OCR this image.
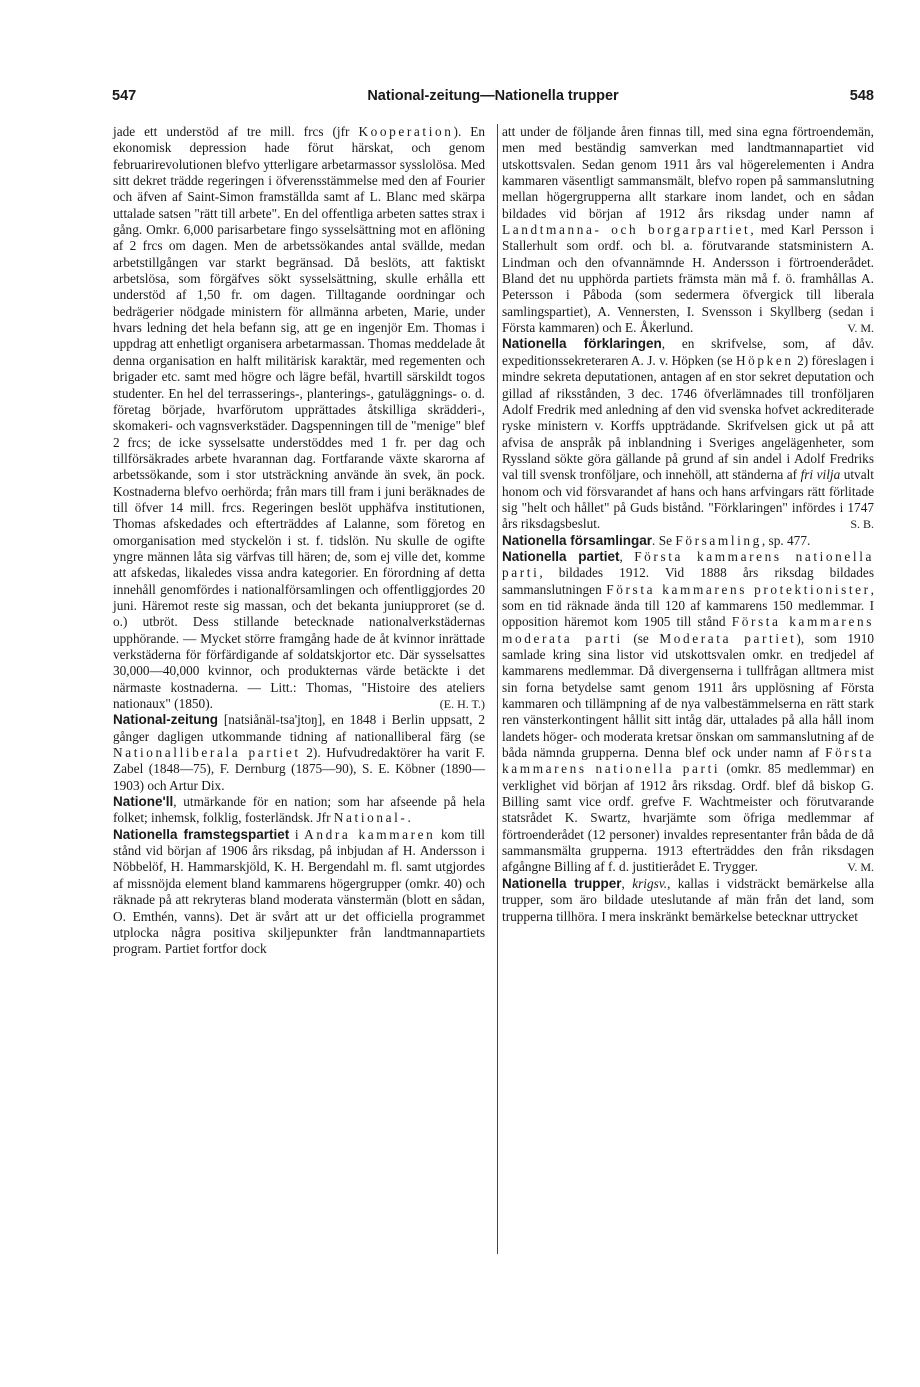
547	National-zeitung—Nationella trupper	548

jade ett understöd af tre mill. frcs (jfr Kooperation). En ekonomisk depression hade förut härskat, och genom februarirevolutionen blefvo ytterligare arbetarmassor sysslolösa. Med sitt dekret trädde regeringen i öfverensstämmelse med den af Fourier och äfven af Saint-Simon framställda samt af L. Blanc med skärpa uttalade satsen "rätt till arbete". En del offentliga arbeten sattes strax i gång. Omkr. 6,000 parisarbetare fingo sysselsättning mot en aflöning af 2 frcs om dagen. Men de arbetssökandes antal svällde, medan arbetstillgången var starkt begränsad. Då beslöts, att faktiskt arbetslösa, som förgäfves sökt sysselsättning, skulle erhålla ett understöd af 1,50 fr. om dagen. Tilltagande oordningar och bedrägerier nödgade ministern för allmänna arbeten, Marie, under hvars ledning det hela befann sig, att ge en ingenjör Em. Thomas i uppdrag att enhetligt organisera arbetarmassan. Thomas meddelade åt denna organisation en halft militärisk karaktär, med regementen och brigader etc. samt med högre och lägre befäl, hvartill särskildt togos studenter. En hel del terrasserings-, planterings-, gatuläggnings- o. d. företag började, hvarförutom upprättades åtskilliga skrädderi-, skomakeri- och vagnsverkstäder. Dagspenningen till de "menige" blef 2 frcs; de icke sysselsatte understöddes med 1 fr. per dag och tillförsäkrades arbete hvarannan dag. Fortfarande växte skarorna af arbetssökande, som i stor utsträckning använde än svek, än pock. Kostnaderna blefvo oerhörda; från mars till fram i juni beräknades de till öfver 14 mill. frcs. Regeringen beslöt upphäfva institutionen, Thomas afskedades och efterträddes af Lalanne, som företog en omorganisation med styckelön i st. f. tidslön. Nu skulle de ogifte yngre männen låta sig värfvas till hären; de, som ej ville det, komme att afskedas, likaledes vissa andra kategorier. En förordning af detta innehåll genomfördes i nationalförsamlingen och offentliggjordes 20 juni. Häremot reste sig massan, och det bekanta juniupproret (se d. o.) utbröt. Dess stillande betecknade nationalverkstädernas upphörande. — Mycket större framgång hade de åt kvinnor inrättade verkstäderna för förfärdigande af soldatskjortor etc. Där sysselsattes 30,000—40,000 kvinnor, och produkternas värde betäckte i det närmaste kostnaderna. — Litt.: Thomas, "Histoire des ateliers nationaux" (1850).	(E. H. T.)

National-zeitung [natsiånäl-tsa'jtoŋ], en 1848 i Berlin uppsatt, 2 gånger dagligen utkommande tidning af nationalliberal färg (se Nationalliberala partiet 2). Hufvudredaktörer ha varit F. Zabel (1848—75), F. Dernburg (1875—90), S. E. Köbner (1890—1903) och Artur Dix.

Natione'll, utmärkande för en nation; som har afseende på hela folket; inhemsk, folklig, fosterländsk. Jfr National-.

Nationella framstegspartiet i Andra kammaren kom till stånd vid början af 1906 års riksdag, på inbjudan af H. Andersson i Nöbbelöf, H. Hammarskjöld, K. H. Bergendahl m. fl. samt utgjordes af missnöjda element bland kammarens högergrupper (omkr. 40) och räknade på att rekryteras bland moderata vänstermän (blott en sådan, O. Emthén, vanns). Det är svårt att ur det officiella programmet utplocka några positiva skiljepunkter från landtmannapartiets program. Partiet fortfor dock

att under de följande åren finnas till, med sina egna förtroendemän, men med beständig samverkan med landtmannapartiet vid utskottsvalen. Sedan genom 1911 års val högerelementen i Andra kammaren väsentligt sammansmält, blefvo ropen på sammanslutning mellan högergrupperna allt starkare inom landet, och en sådan bildades vid början af 1912 års riksdag under namn af Landtmanna- och borgarpartiet, med Karl Persson i Stallerhult som ordf. och bl. a. förutvarande statsministern A. Lindman och den ofvannämnde H. Andersson i förtroenderådet. Bland det nu upphörda partiets främsta män må f. ö. framhållas A. Petersson i Påboda (som sedermera öfvergick till liberala samlingspartiet), A. Vennersten, I. Svensson i Skyllberg (sedan i Första kammaren) och E. Åkerlund.	V. M.

Nationella förklaringen, en skrifvelse, som, af dåv. expeditionssekreteraren A. J. v. Höpken (se Höpken 2) föreslagen i mindre sekreta deputationen, antagen af en stor sekret deputation och gillad af riksstånden, 3 dec. 1746 öfverlämnades till tronföljaren Adolf Fredrik med anledning af den vid svenska hofvet ackrediterade ryske ministern v. Korffs uppträdande. Skrifvelsen gick ut på att afvisa de anspråk på inblandning i Sveriges angelägenheter, som Ryssland sökte göra gällande på grund af sin andel i Adolf Fredriks val till svensk tronföljare, och innehöll, att ständerna af fri vilja utvalt honom och vid försvarandet af hans och hans arfvingars rätt förlitade sig "helt och hållet" på Guds bistånd. "Förklaringen" infördes i 1747 års riksdagsbeslut.	S. B.

Nationella församlingar. Se Församling, sp. 477.

Nationella partiet, Första kammarens nationella parti, bildades 1912. Vid 1888 års riksdag bildades sammanslutningen Första kammarens protektionister, som en tid räknade ända till 120 af kammarens 150 medlemmar. I opposition häremot kom 1905 till stånd Första kammarens moderata parti (se Moderata partiet), som 1910 samlade kring sina listor vid utskottsvalen omkr. en tredjedel af kammarens medlemmar. Då divergenserna i tullfrågan alltmera mist sin forna betydelse samt genom 1911 års upplösning af Första kammaren och tillämpning af de nya valbestämmelserna en rätt stark ren vänsterkontingent hållit sitt intåg där, uttalades på alla håll inom landets höger- och moderata kretsar önskan om sammanslutning af de båda nämnda grupperna. Denna blef ock under namn af Första kammarens nationella parti (omkr. 85 medlemmar) en verklighet vid början af 1912 års riksdag. Ordf. blef då biskop G. Billing samt vice ordf. grefve F. Wachtmeister och förutvarande statsrådet K. Swartz, hvarjämte som öfriga medlemmar af förtroenderådet (12 personer) invaldes representanter från båda de då sammansmälta grupperna. 1913 efterträddes den från riksdagen afgångne Billing af f. d. justitierådet E. Trygger.	V. M.

Nationella trupper, krigsv., kallas i vidsträckt bemärkelse alla trupper, som äro bildade uteslutande af män från det land, som trupperna tillhöra. I mera inskränkt bemärkelse betecknar uttrycket
